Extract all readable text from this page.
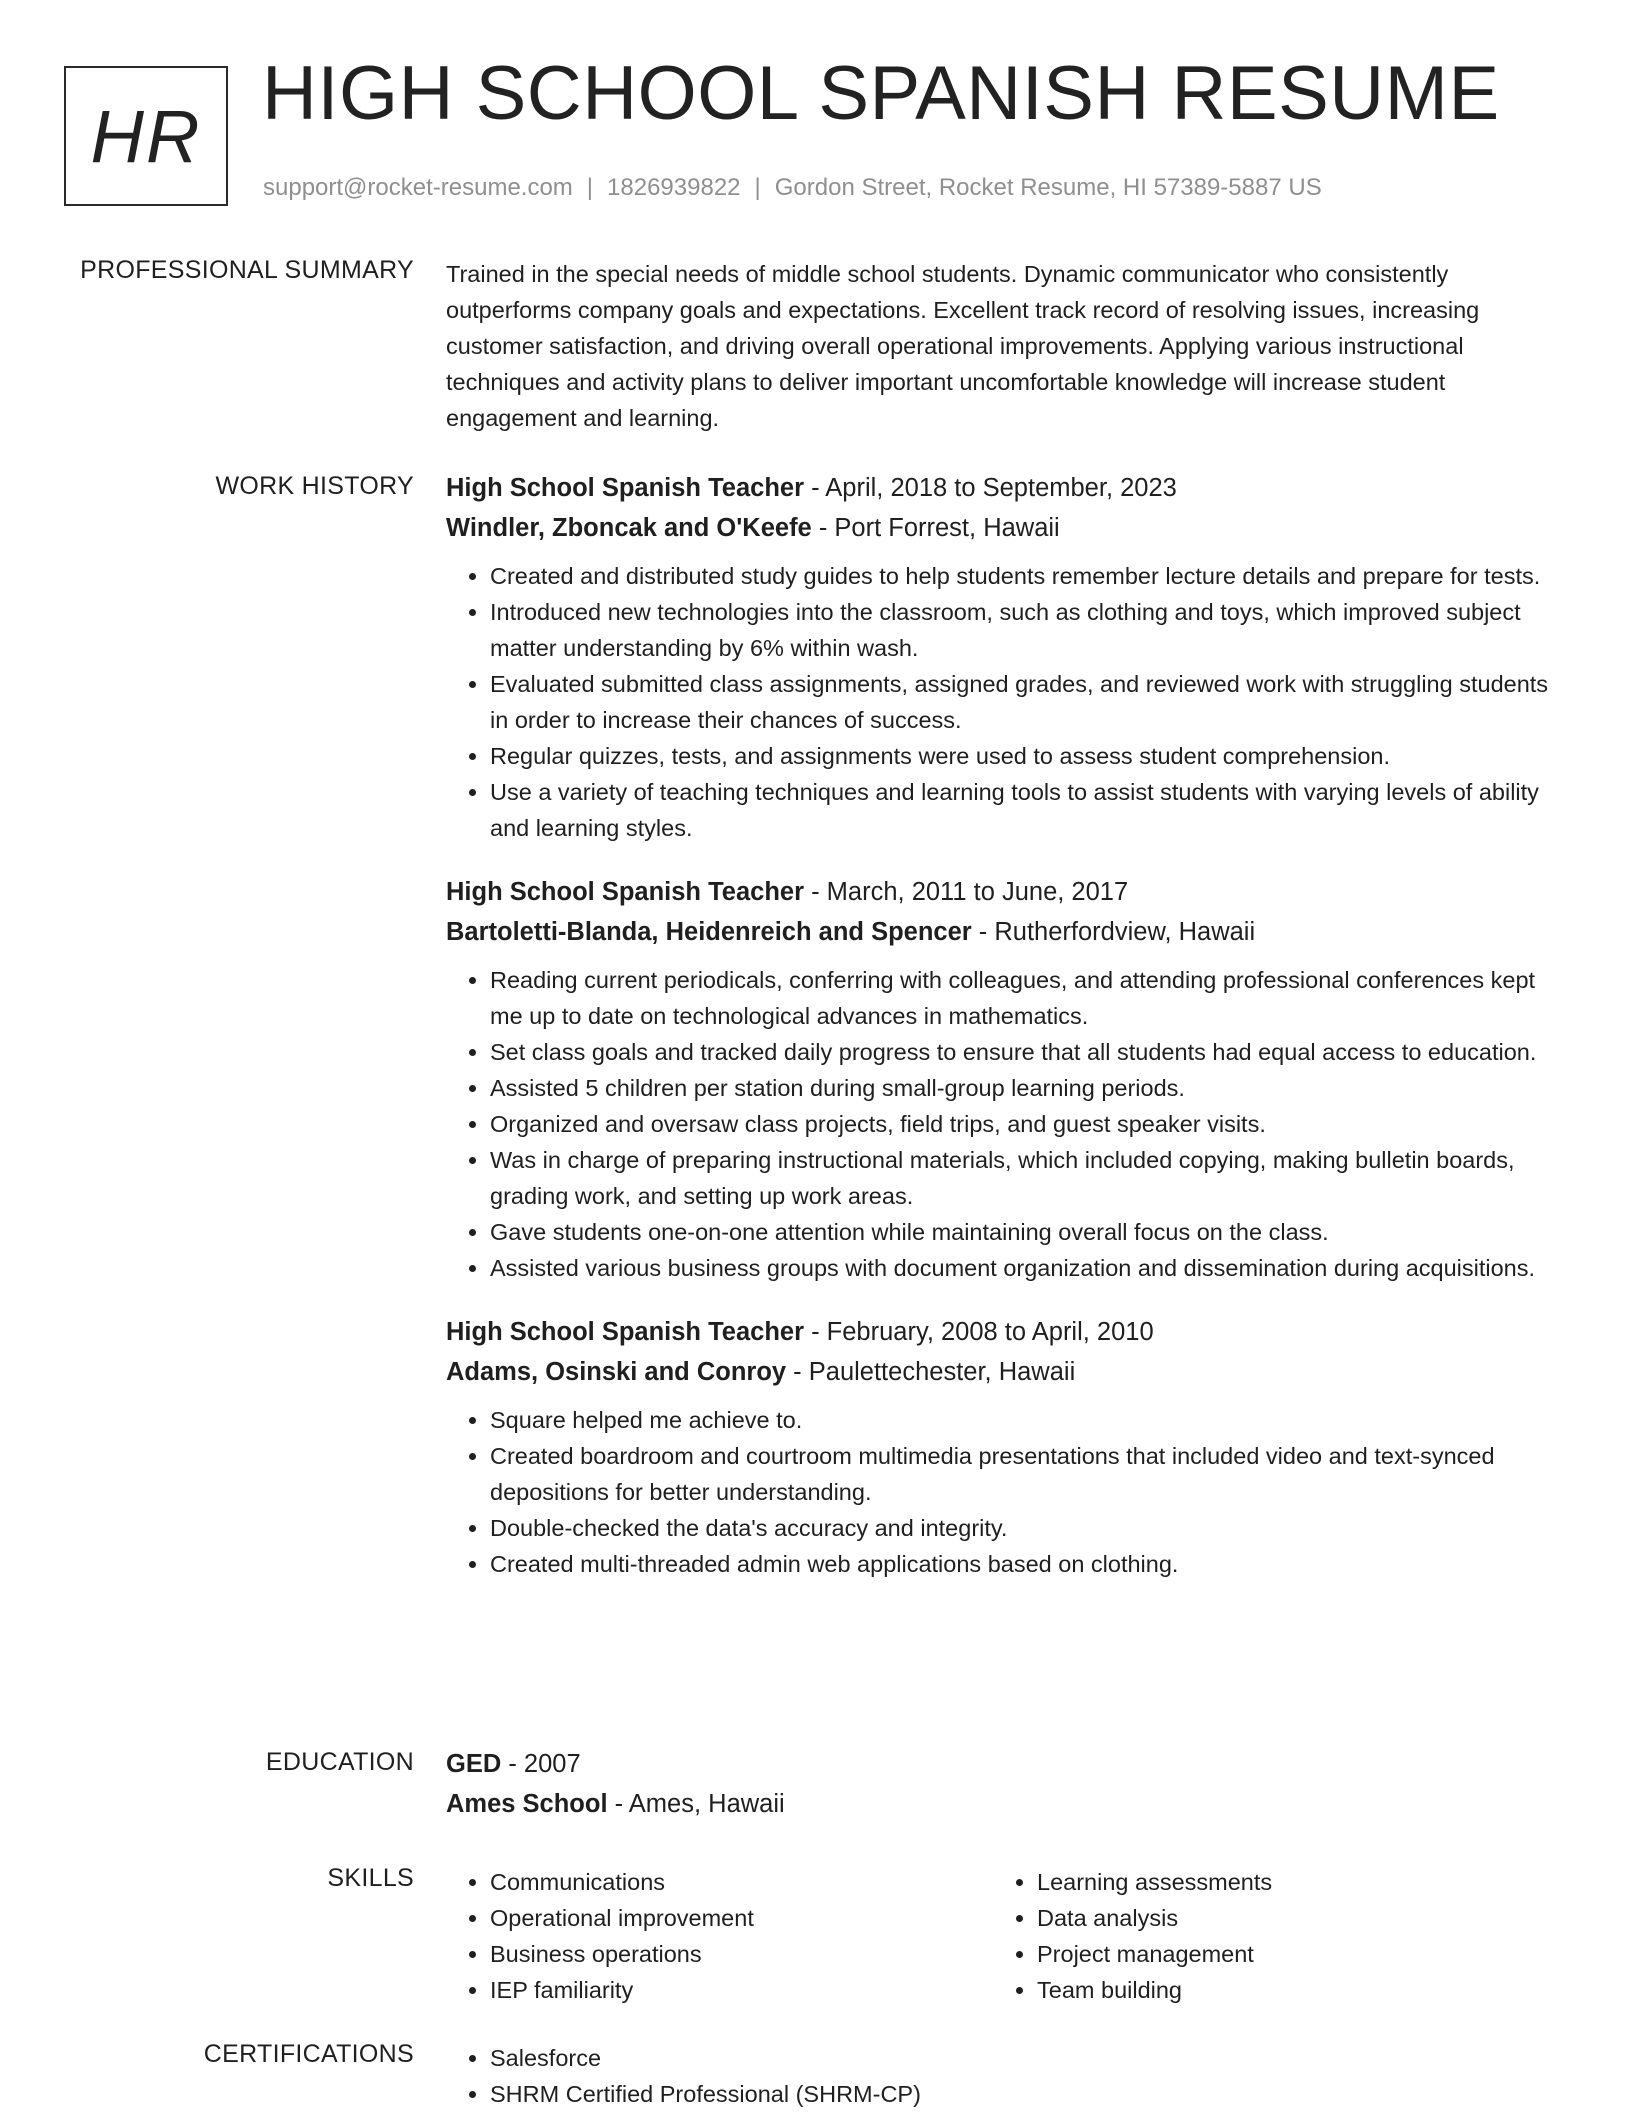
HR HIGH SCHOOL SPANISH RESUME
support@rocket-resume.com | 1826939822 | Gordon Street, Rocket Resume, HI 57389-5887 US
PROFESSIONAL SUMMARY Trained in the special needs of middle school students. Dynamic communicator who consistently outperforms company goals and expectations. Excellent track record of resolving issues, increasing customer satisfaction, and driving overall operational improvements. Applying various instructional techniques and activity plans to deliver important uncomfortable knowledge will increase student engagement and learning.

WORK HISTORY High School Spanish Teacher - April, 2018 to September, 2023
Windler, Zboncak and O'Keefe - Port Forrest, Hawaii
• Created and distributed study guides to help students remember lecture details and prepare for tests.
• Introduced new technologies into the classroom, such as clothing and toys, which improved subject matter understanding by 6% within wash.
• Evaluated submitted class assignments, assigned grades, and reviewed work with struggling students in order to increase their chances of success.
• Regular quizzes, tests, and assignments were used to assess student comprehension.
• Use a variety of teaching techniques and learning tools to assist students with varying levels of ability and learning styles.
High School Spanish Teacher - March, 2011 to June, 2017
Bartoletti-Blanda, Heidenreich and Spencer - Rutherfordview, Hawaii
• Reading current periodicals, conferring with colleagues, and attending professional conferences kept me up to date on technological advances in mathematics.
• Set class goals and tracked daily progress to ensure that all students had equal access to education.
• Assisted 5 children per station during small-group learning periods.
• Organized and oversaw class projects, field trips, and guest speaker visits.
• Was in charge of preparing instructional materials, which included copying, making bulletin boards, grading work, and setting up work areas.
• Gave students one-on-one attention while maintaining overall focus on the class.
• Assisted various business groups with document organization and dissemination during acquisitions.
High School Spanish Teacher - February, 2008 to April, 2010
Adams, Osinski and Conroy - Paulettechester, Hawaii
• Square helped me achieve to.
• Created boardroom and courtroom multimedia presentations that included video and text-synced depositions for better understanding.
• Double-checked the data's accuracy and integrity.
• Created multi-threaded admin web applications based on clothing.
EDUCATION GED - 2007
Ames School - Ames, Hawaii
SKILLS	• Communications
• Operational improvement
• Business operations
• IEP familiarity
• Learning assessments
• Data analysis
• Project management
• Team building
CERTIFICATIONS	• Salesforce
• SHRM Certified Professional (SHRM-CP)
